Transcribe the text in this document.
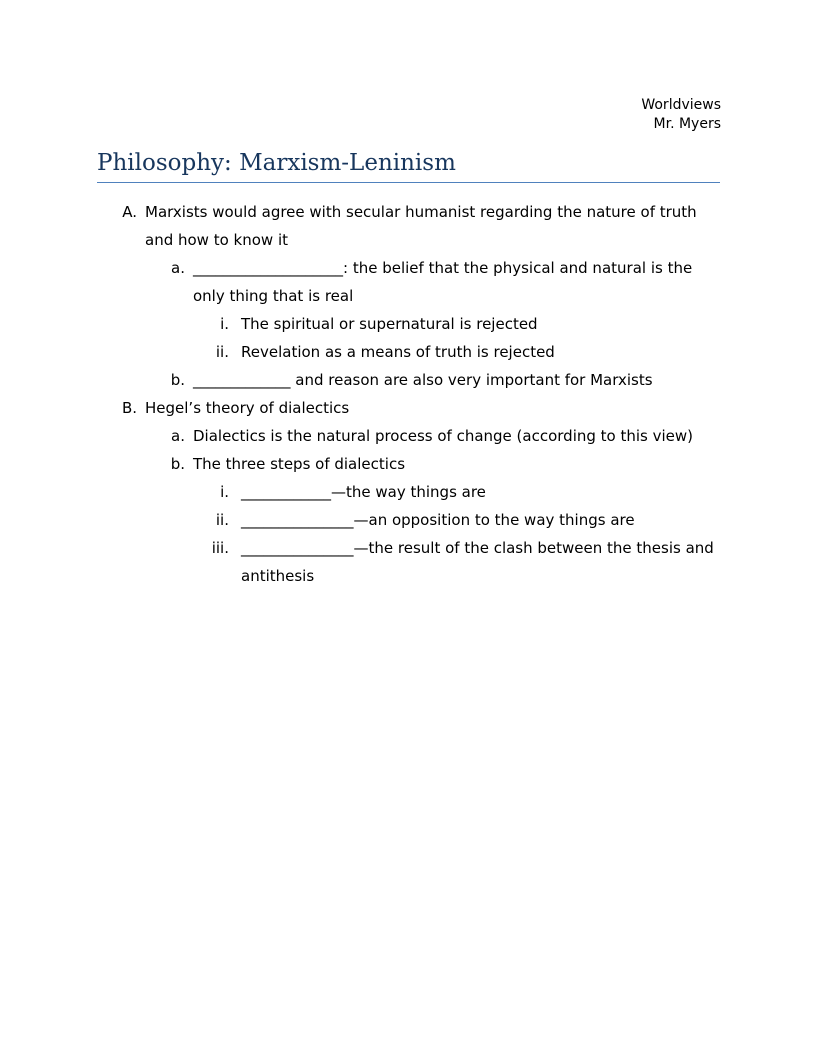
Worldviews
Mr. Myers
Philosophy: Marxism-Leninism
A. Marxists would agree with secular humanist regarding the nature of truth and how to know it
a. ____________________: the belief that the physical and natural is the only thing that is real
i. The spiritual or supernatural is rejected
ii. Revelation as a means of truth is rejected
b. _____________ and reason are also very important for Marxists
B. Hegel’s theory of dialectics
a. Dialectics is the natural process of change (according to this view)
b. The three steps of dialectics
i. ____________—the way things are
ii. _______________—an opposition to the way things are
iii. _______________—the result of the clash between the thesis and antithesis
